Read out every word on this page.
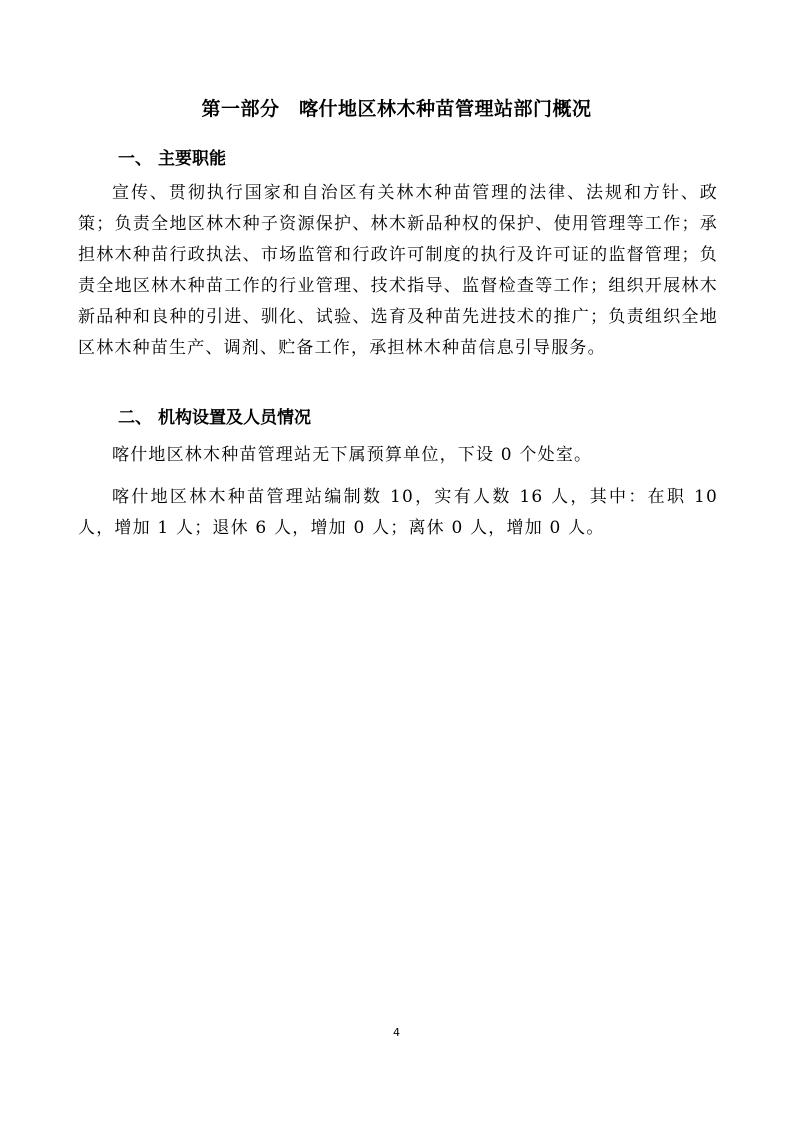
第一部分　喀什地区林木种苗管理站部门概况
一、 主要职能
宣传、贯彻执行国家和自治区有关林木种苗管理的法律、法规和方针、政策；负责全地区林木种子资源保护、林木新品种权的保护、使用管理等工作；承担林木种苗行政执法、市场监管和行政许可制度的执行及许可证的监督管理；负责全地区林木种苗工作的行业管理、技术指导、监督检查等工作；组织开展林木新品种和良种的引进、驯化、试验、选育及种苗先进技术的推广；负责组织全地区林木种苗生产、调剂、贮备工作，承担林木种苗信息引导服务。
二、 机构设置及人员情况
喀什地区林木种苗管理站无下属预算单位，下设 0 个处室。
喀什地区林木种苗管理站编制数 10，实有人数 16 人，其中：在职 10 人，增加 1 人；退休 6 人，增加 0 人；离休 0 人，增加 0 人。
4
